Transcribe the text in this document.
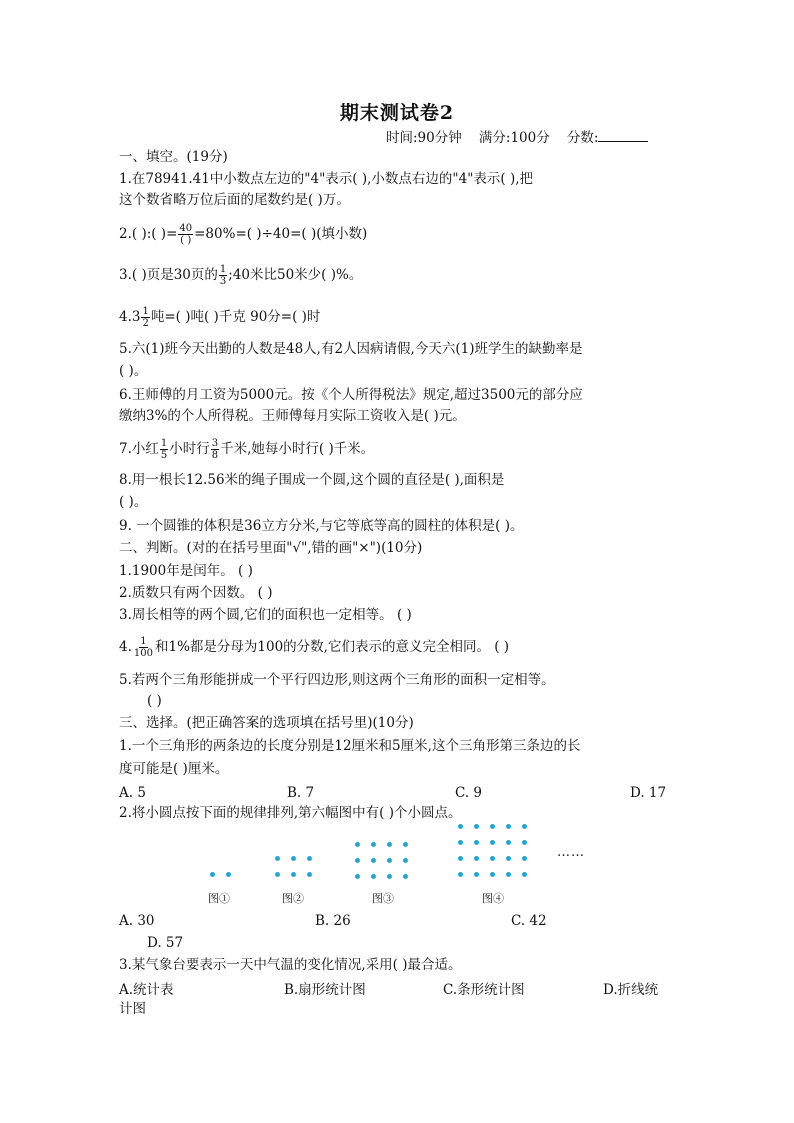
期末测试卷2
时间:90分钟 满分:100分 分数:
一、填空。(19分)
1.在78941.41中小数点左边的"4"表示( ),小数点右边的"4"表示( ),把
这个数省略万位后面的尾数约是( )万。
2.( ):( )= $\frac{40}{( )} =80\%=$( )÷40=( )(填小数)
3.( )页是30页的 $\frac{1}{3}$ ;40米比50米少( )%。
$4.3 \frac{1}{2}$ 吨=( )吨( )千克 90分=( )时
5.六(1)班今天出勤的人数是48人,有2人因病请假,今天六(1)班学生的缺勤率是
( )。
6.王师傅的月工资为5000元。按《个人所得税法》规定,超过3500元的部分应
缴纳3%的个人所得税。王师傅每月实际工资收入是( )元。
7.小红 $\frac{1}{5}$ 小时行 $\frac{3}{8}$ 千米,她每小时行( )千米。
8.用一根长12.56米的绳子围成一个圆,这个圆的直径是( ),面积是
( )。
9. 一个圆锥的体积是36立方分米,与它等底等高的圆柱的体积是( )。
二、判断。(对的在括号里面"√",错的画"×")(10分)
1.1900年是闰年。 ( )
2.质数只有两个因数。 ( )
3.周长相等的两个圆,它们的面积也一定相等。 ( )
4. $\frac{1}{100}$ 和1%都是分母为100的分数,它们表示的意义完全相同。 ( )
5.若两个三角形能拼成一个平行四边形,则这两个三角形的面积一定相等。
( )
三、选择。(把正确答案的选项填在括号里)(10分)
1.一个三角形的两条边的长度分别是12厘米和5厘米,这个三角形第三条边的长
度可能是( )厘米。
A. 5	B. 7	C. 9	D. 17
2.将小圆点按下面的规律排列,第六幅图中有( )个小圆点。
……
图①	图②	图③	图④
A. 30	B. 26	C. 42
D. 57
3.某气象台要表示一天中气温的变化情况,采用( )最合适。
A.统计表	B.扇形统计图	C.条形统计图	D.折线统
计图
